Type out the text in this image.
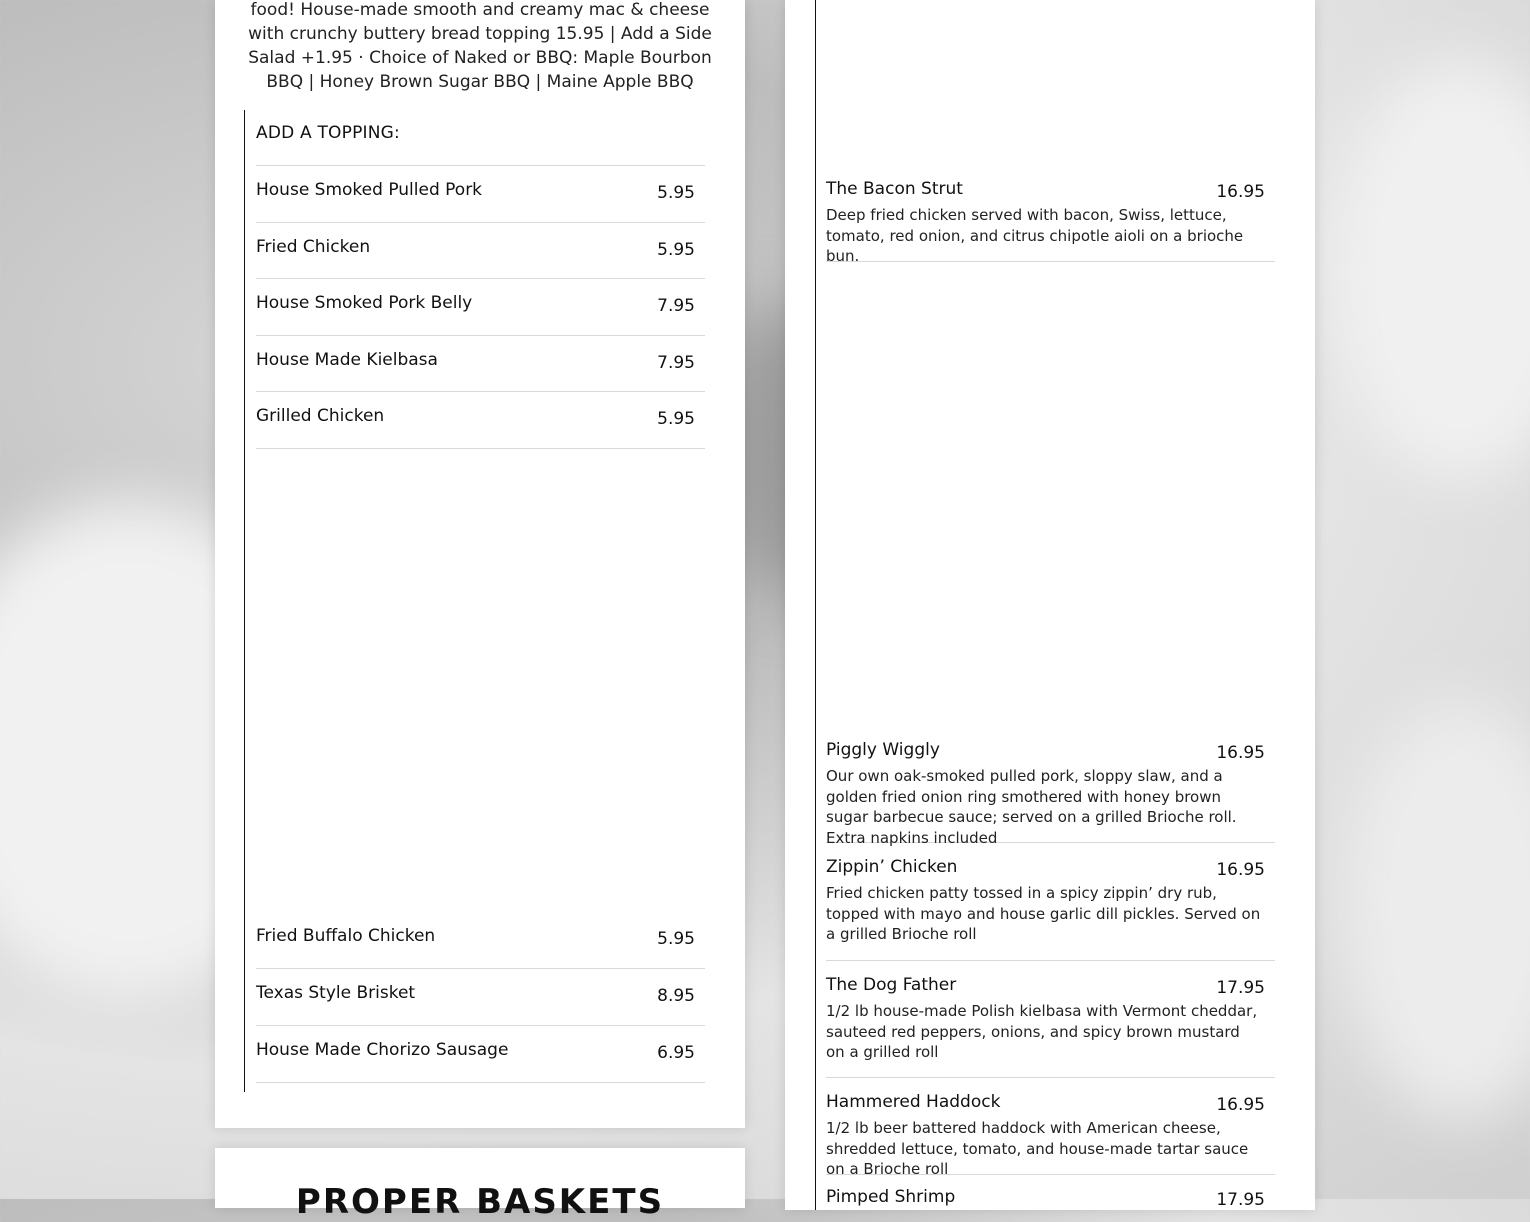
food! House-made smooth and creamy mac & cheese with crunchy buttery bread topping 15.95 | Add a Side Salad +1.95 · Choice of Naked or BBQ: Maple Bourbon BBQ | Honey Brown Sugar BBQ | Maine Apple BBQ
ADD A TOPPING:
House Smoked Pulled Pork	5.95
Fried Chicken	5.95
House Smoked Pork Belly	7.95
House Made Kielbasa	7.95
Grilled Chicken	5.95
Fried Buffalo Chicken	5.95
Texas Style Brisket	8.95
House Made Chorizo Sausage	6.95
PROPER BASKETS
The Bacon Strut	16.95
Deep fried chicken served with bacon, Swiss, lettuce, tomato, red onion, and citrus chipotle aioli on a brioche bun.
Piggly Wiggly	16.95
Our own oak-smoked pulled pork, sloppy slaw, and a golden fried onion ring smothered with honey brown sugar barbecue sauce; served on a grilled Brioche roll. Extra napkins included
Zippin’ Chicken	16.95
Fried chicken patty tossed in a spicy zippin’ dry rub, topped with mayo and house garlic dill pickles. Served on a grilled Brioche roll
The Dog Father	17.95
1/2 lb house-made Polish kielbasa with Vermont cheddar, sauteed red peppers, onions, and spicy brown mustard on a grilled roll
Hammered Haddock	16.95
1/2 lb beer battered haddock with American cheese, shredded lettuce, tomato, and house-made tartar sauce on a Brioche roll
Pimped Shrimp	17.95
